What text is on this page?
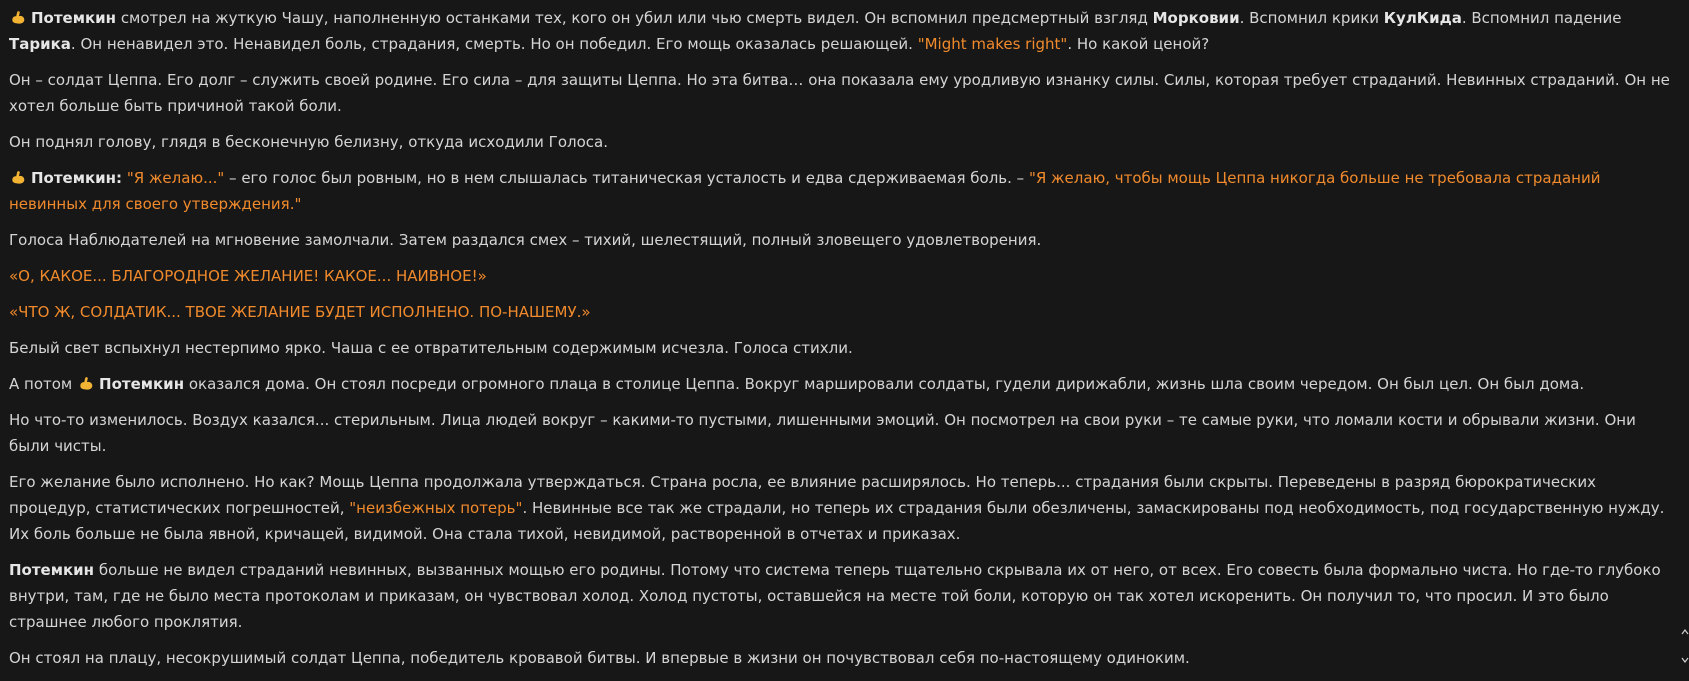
Потемкин смотрел на жуткую Чашу, наполненную останками тех, кого он убил или чью смерть видел. Он вспомнил предсмертный взгляд Морковии. Вспомнил крики КулКида. Вспомнил падение Тарика. Он ненавидел это. Ненавидел боль, страдания, смерть. Но он победил. Его мощь оказалась решающей. "Might makes right". Но какой ценой?

Он – солдат Цеппа. Его долг – служить своей родине. Его сила – для защиты Цеппа. Но эта битва… она показала ему уродливую изнанку силы. Силы, которая требует страданий. Невинных страданий. Он не хотел больше быть причиной такой боли.

Он поднял голову, глядя в бесконечную белизну, откуда исходили Голоса.

Потемкин: "Я желаю..." – его голос был ровным, но в нем слышалась титаническая усталость и едва сдерживаемая боль. – "Я желаю, чтобы мощь Цеппа никогда больше не требовала страданий невинных для своего утверждения."

Голоса Наблюдателей на мгновение замолчали. Затем раздался смех – тихий, шелестящий, полный зловещего удовлетворения.

«О, КАКОЕ... БЛАГОРОДНОЕ ЖЕЛАНИЕ! КАКОЕ... НАИВНОЕ!»

«ЧТО Ж, СОЛДАТИК... ТВОЕ ЖЕЛАНИЕ БУДЕТ ИСПОЛНЕНО. ПО-НАШЕМУ.»

Белый свет вспыхнул нестерпимо ярко. Чаша с ее отвратительным содержимым исчезла. Голоса стихли.

А потом Потемкин оказался дома. Он стоял посреди огромного плаца в столице Цеппа. Вокруг маршировали солдаты, гудели дирижабли, жизнь шла своим чередом. Он был цел. Он был дома.

Но что-то изменилось. Воздух казался... стерильным. Лица людей вокруг – какими-то пустыми, лишенными эмоций. Он посмотрел на свои руки – те самые руки, что ломали кости и обрывали жизни. Они были чисты.

Его желание было исполнено. Но как? Мощь Цеппа продолжала утверждаться. Страна росла, ее влияние расширялось. Но теперь... страдания были скрыты. Переведены в разряд бюрократических процедур, статистических погрешностей, "неизбежных потерь". Невинные все так же страдали, но теперь их страдания были обезличены, замаскированы под необходимость, под государственную нужду. Их боль больше не была явной, кричащей, видимой. Она стала тихой, невидимой, растворенной в отчетах и приказах.

Потемкин больше не видел страданий невинных, вызванных мощью его родины. Потому что система теперь тщательно скрывала их от него, от всех. Его совесть была формально чиста. Но где-то глубоко внутри, там, где не было места протоколам и приказам, он чувствовал холод. Холод пустоты, оставшейся на месте той боли, которую он так хотел искоренить. Он получил то, что просил. И это было страшнее любого проклятия.

Он стоял на плацу, несокрушимый солдат Цеппа, победитель кровавой битвы. И впервые в жизни он почувствовал себя по-настоящему одиноким.
